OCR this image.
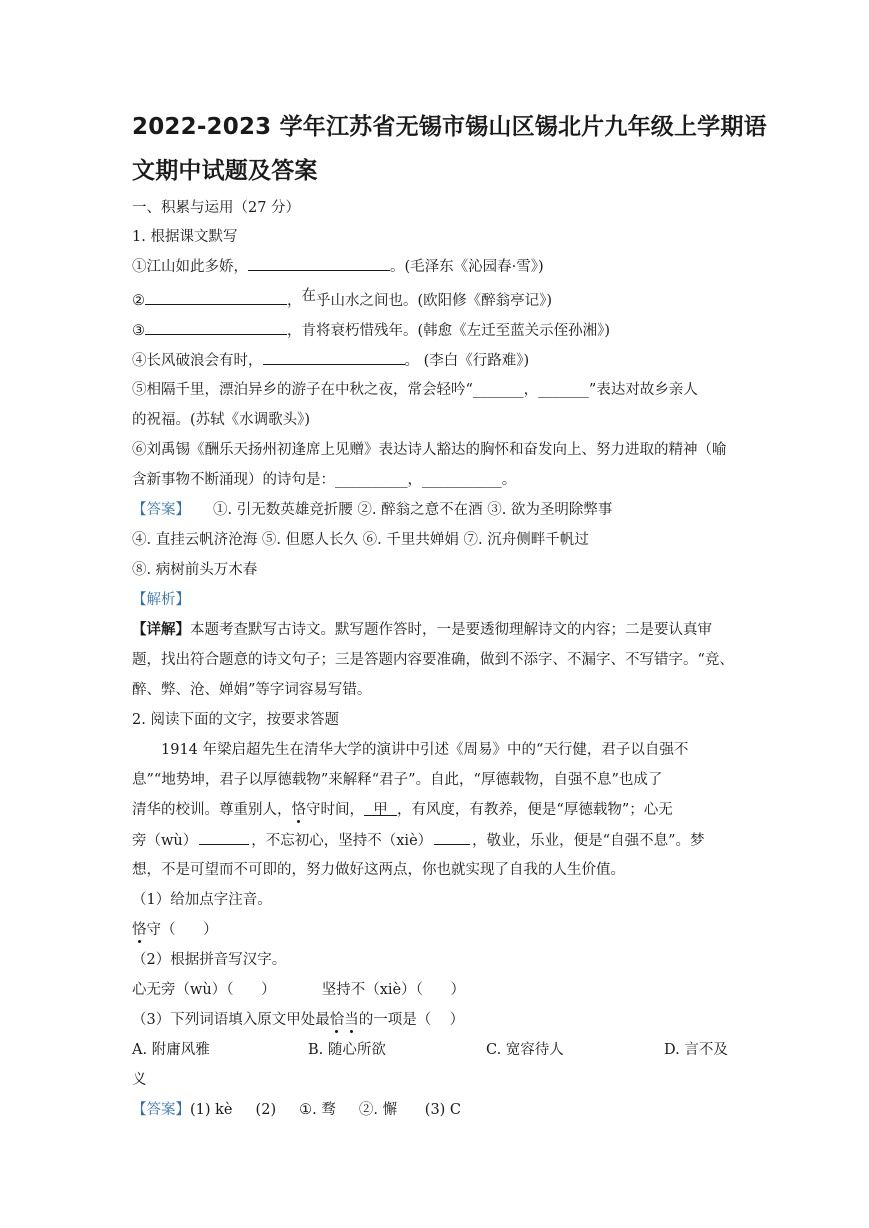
2022-2023 学年江苏省无锡市锡山区锡北片九年级上学期语
文期中试题及答案
一、积累与运用（27 分）
1. 根据课文默写
①江山如此多娇，	。(毛泽东《沁园春·雪》)
②	，在乎山水之间也。(欧阳修《醉翁亭记》)
③	，肯将衰朽惜残年。(韩愈《左迁至蓝关示侄孙湘》)
④长风破浪会有时，	。 (李白《行路难》)
⑤相隔千里，漂泊异乡的游子在中秋之夜，常会轻吟“_______，_______”表达对故乡亲人
的祝福。(苏轼《水调歌头》)
⑥刘禹锡《酬乐天扬州初逢席上见赠》表达诗人豁达的胸怀和奋发向上、努力进取的精神（喻
含新事物不断涌现）的诗句是：__________，___________。
【答案】 ①. 引无数英雄竞折腰 ②. 醉翁之意不在酒 ③. 欲为圣明除弊事
④. 直挂云帆济沧海 ⑤. 但愿人长久 ⑥. 千里共婵娟 ⑦. 沉舟侧畔千帆过
⑧. 病树前头万木春
【解析】
【详解】本题考查默写古诗文。默写题作答时，一是要透彻理解诗文的内容；二是要认真审
题，找出符合题意的诗文句子；三是答题内容要准确，做到不添字、不漏字、不写错字。“竞、
醉、弊、沧、婵娟”等字词容易写错。
2. 阅读下面的文字，按要求答题
1914 年梁启超先生在清华大学的演讲中引述《周易》中的“天行健，君子以自强不
息”“地势坤，君子以厚德载物”来解释“君子”。自此，“厚德载物，自强不息”也成了
清华的校训。尊重别人，恪守时间，  甲  ，有风度，有教养，便是“厚德载物”；心无
旁（wù）	，不忘初心，坚持不（xiè）	，敬业，乐业，便是“自强不息”。梦
想，不是可望而不可即的，努力做好这两点，你也就实现了自我的人生价值。
（1）给加点字注音。
恪守（      ）
（2）根据拼音写汉字。
心无旁（wù）（      ）          坚持不（xiè）（      ）
（3）下列词语填入原文甲处最恰当的一项是（    ）
A. 附庸风雅	B. 随心所欲	C. 宽容待人	D. 言不及
义
【答案】(1) kè     (2)     ①. 骛     ②. 懈      (3) C
